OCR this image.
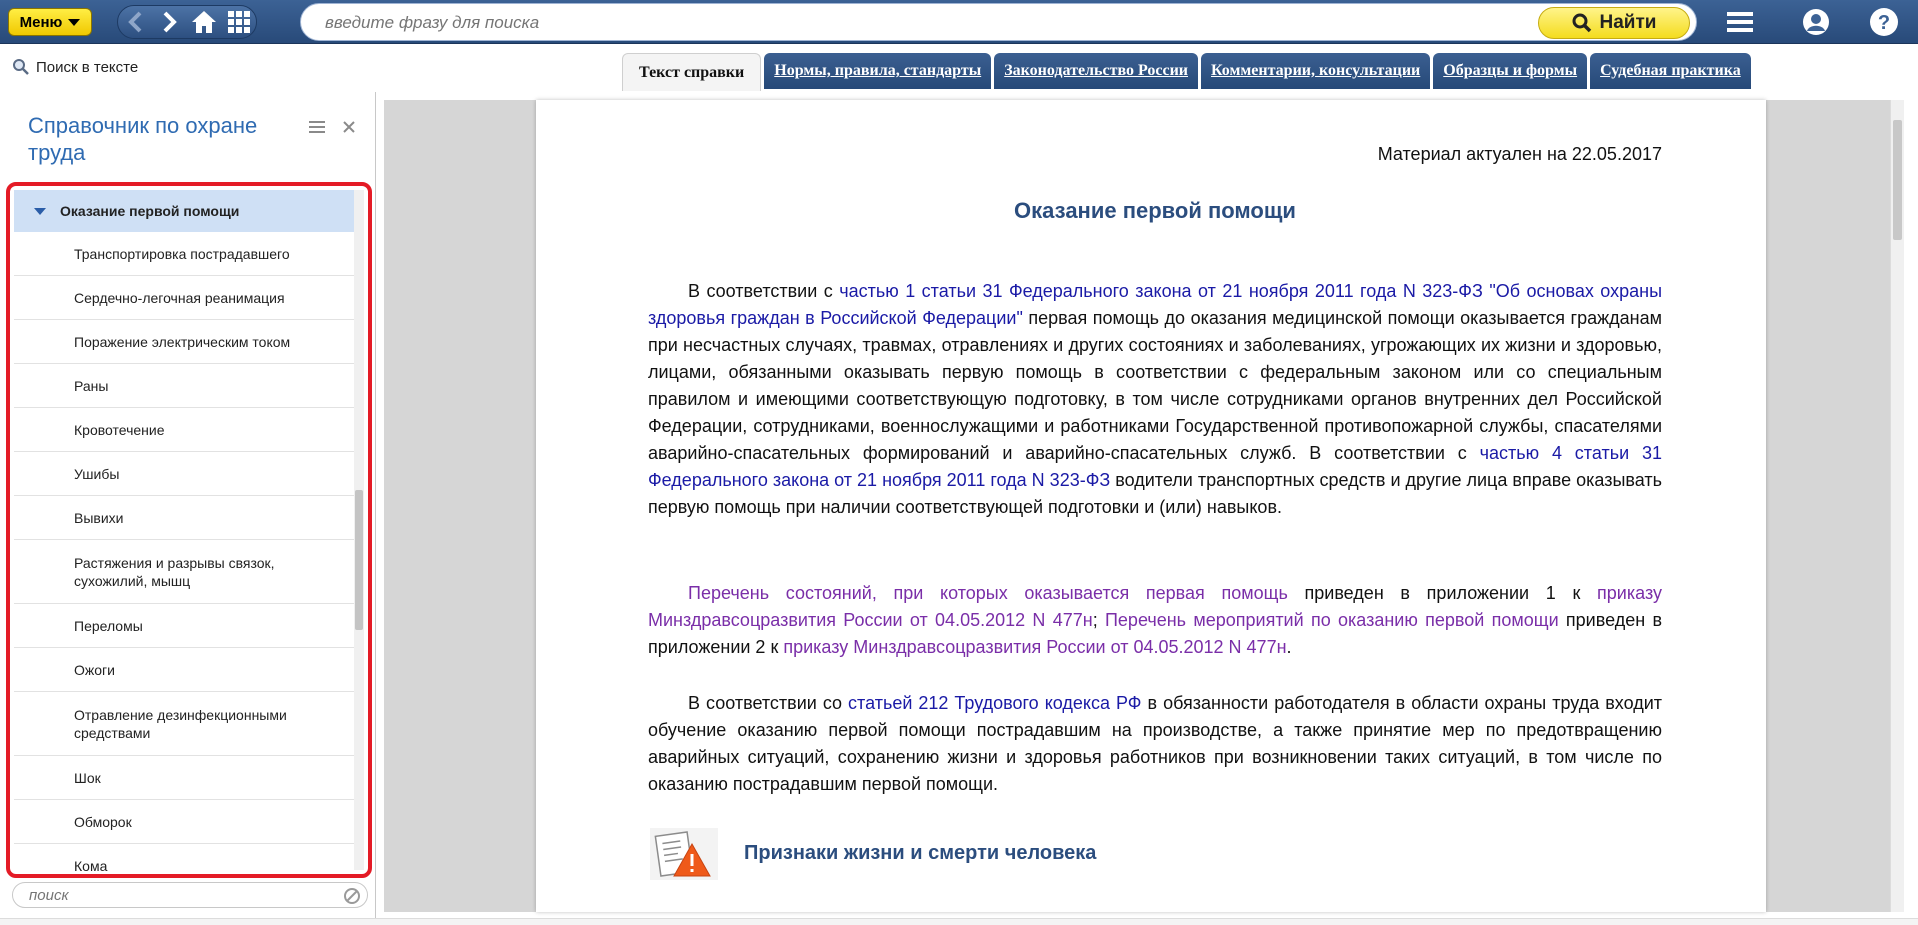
Меню
введите фразу для поиска	Найти	?
Поиск в тексте	Текст справки	Нормы, правила, стандарты	Законодательство России	Комментарии, консультации	Образцы и формы	Судебная практика
Справочник по охране труда
Оказание первой помощи
Транспортировка пострадавшего
Сердечно-легочная реанимация
Поражение электрическим током
Раны
Кровотечение
Ушибы
Вывихи
Растяжения и разрывы связок, сухожилий, мышц
Переломы
Ожоги
Отравление дезинфекционными средствами
Шок
Обморок
Кома
поиск
Материал актуален на 22.05.2017
Оказание первой помощи

В соответствии с частью 1 статьи 31 Федерального закона от 21 ноября 2011 года N 323-ФЗ "Об основах охраны здоровья граждан в Российской Федерации" первая помощь до оказания медицинской помощи оказывается гражданам при несчастных случаях, травмах, отравлениях и других состояниях и заболеваниях, угрожающих их жизни и здоровью, лицами, обязанными оказывать первую помощь в соответствии с федеральным законом или со специальным правилом и имеющими соответствующую подготовку, в том числе сотрудниками органов внутренних дел Российской Федерации, сотрудниками, военнослужащими и работниками Государственной противопожарной службы, спасателями аварийно-спасательных формирований и аварийно-спасательных служб. В соответствии с частью 4 статьи 31 Федерального закона от 21 ноября 2011 года N 323-ФЗ водители транспортных средств и другие лица вправе оказывать первую помощь при наличии соответствующей подготовки и (или) навыков.

Перечень состояний, при которых оказывается первая помощь приведен в приложении 1 к приказу Минздравсоцразвития России от 04.05.2012 N 477н; Перечень мероприятий по оказанию первой помощи приведен в приложении 2 к приказу Минздравсоцразвития России от 04.05.2012 N 477н.

В соответствии со статьей 212 Трудового кодекса РФ в обязанности работодателя в области охраны труда входит обучение оказанию первой помощи пострадавшим на производстве, а также принятие мер по предотвращению аварийных ситуаций, сохранению жизни и здоровья работников при возникновении таких ситуаций, в том числе по оказанию пострадавшим первой помощи.

Признаки жизни и смерти человека
